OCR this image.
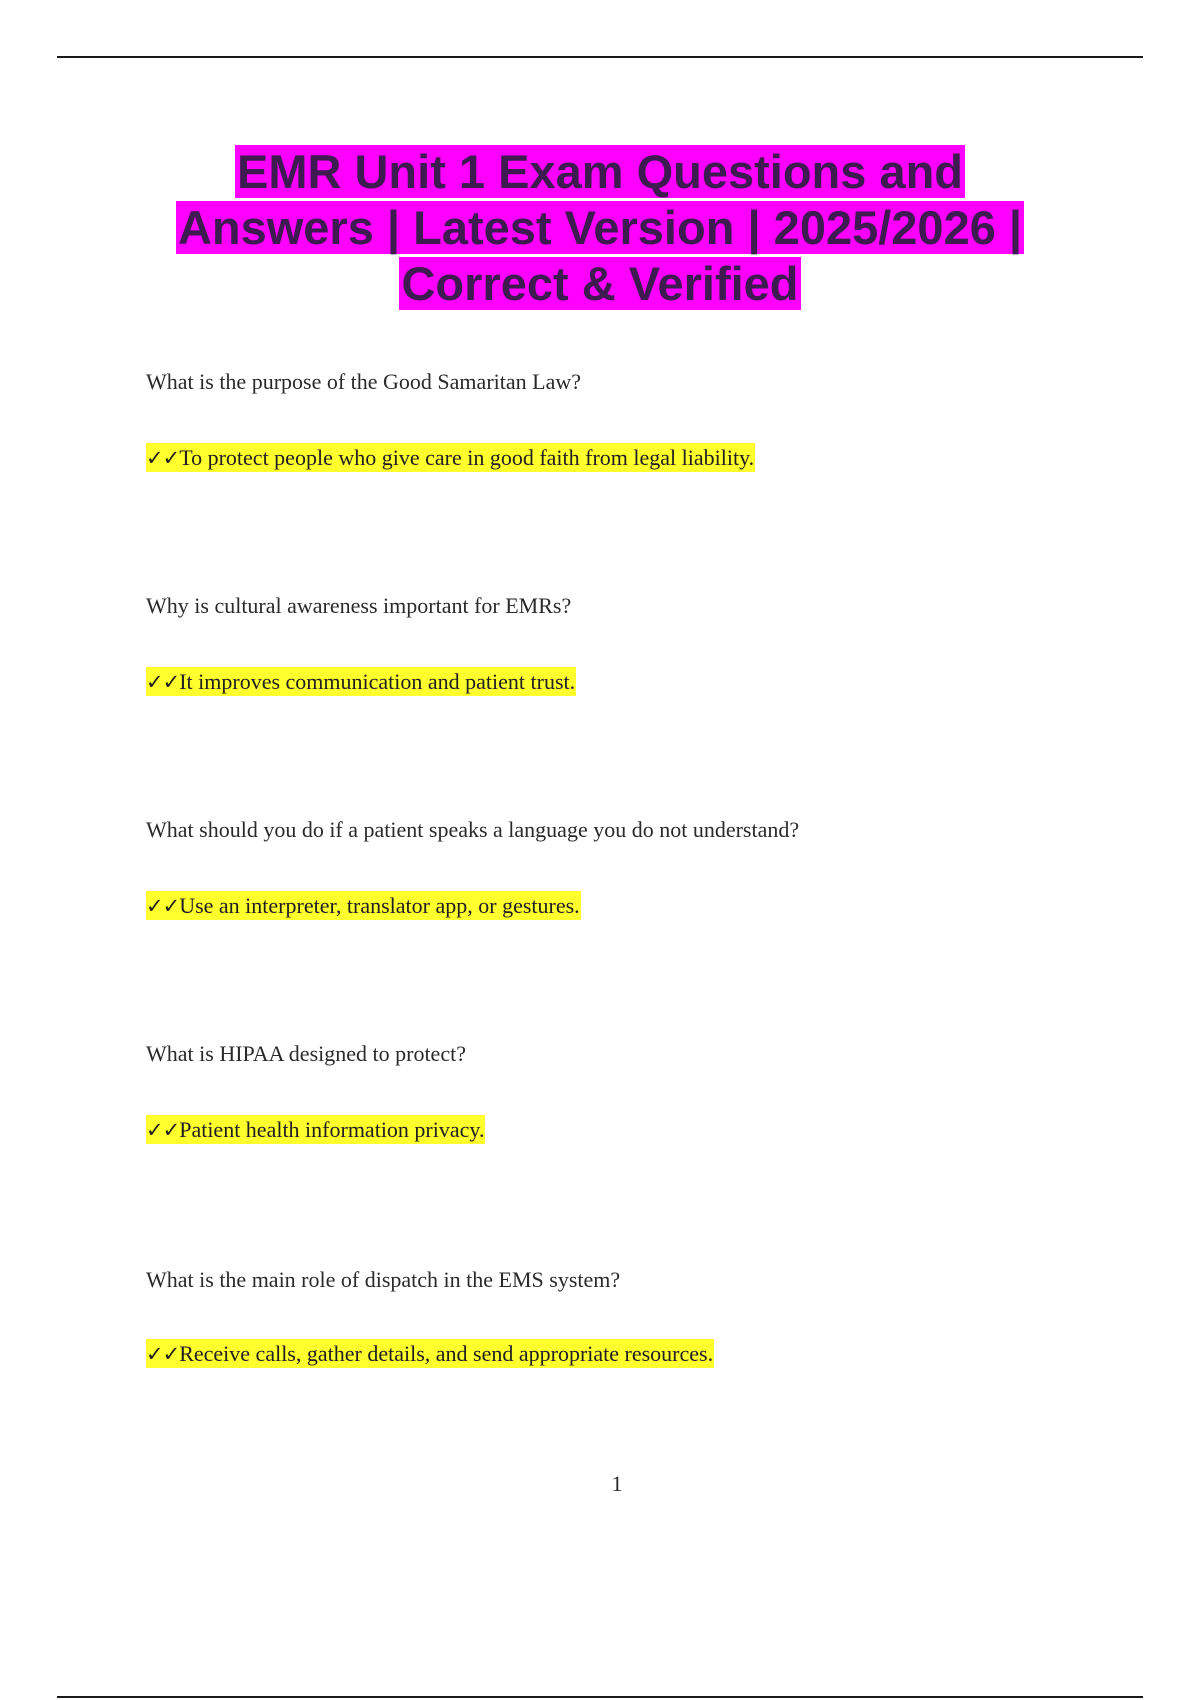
EMR Unit 1 Exam Questions and
Answers | Latest Version | 2025/2026 |
Correct & Verified
What is the purpose of the Good Samaritan Law?
✓✓To protect people who give care in good faith from legal liability.
Why is cultural awareness important for EMRs?
✓✓It improves communication and patient trust.
What should you do if a patient speaks a language you do not understand?
✓✓Use an interpreter, translator app, or gestures.
What is HIPAA designed to protect?
✓✓Patient health information privacy.
What is the main role of dispatch in the EMS system?
✓✓Receive calls, gather details, and send appropriate resources.
1
